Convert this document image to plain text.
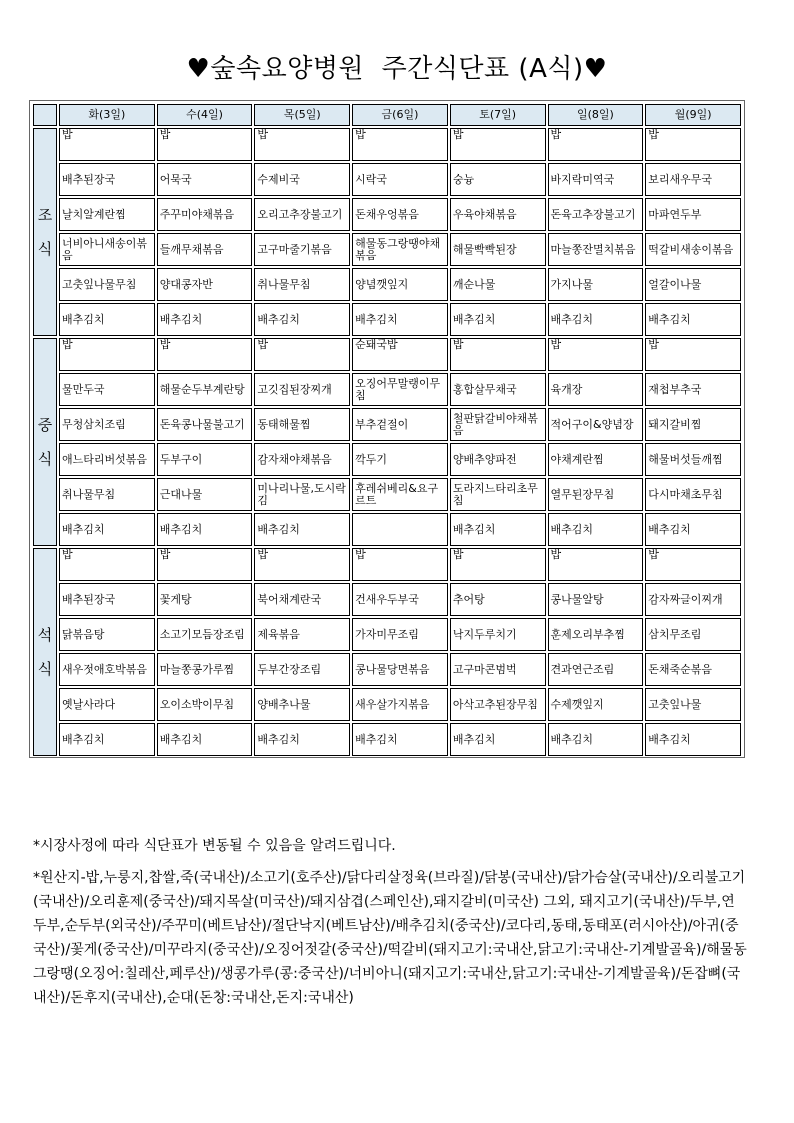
♥숲속요양병원  주간식단표 (A식)♥
	화(3일)	수(4일)	목(5일)	금(6일)	토(7일)	일(8일)	월(9일)
조식	밥	밥	밥	밥	밥	밥	밥
	배추된장국	어묵국	수제비국	시락국	숭늉	바지락미역국	보리새우무국
	날치알계란찜	주꾸미야채볶음	오리고추장불고기	돈채우엉볶음	우육야채볶음	돈육고추장불고기	마파연두부
	너비아니새송이볶음	들깨무채볶음	고구마줄기볶음	해물동그랑땡야채볶음	해물빡빡된장	마늘쫑잔멸치볶음	떡갈비새송이볶음
	고춧잎나물무침	양대콩자반	취나물무침	양념깻잎지	깨순나물	가지나물	얼갈이나물
	배추김치	배추김치	배추김치	배추김치	배추김치	배추김치	배추김치
중식	밥	밥	밥	순돼국밥	밥	밥	밥
	물만두국	해물순두부계란탕	고깃집된장찌개	오징어무말랭이무침	홍합살무채국	육개장	재첩부추국
	무청삼치조림	돈육콩나물불고기	동태해물찜	부추겉절이	철판닭갈비야채볶음	적어구이&양념장	돼지갈비찜
	애느타리버섯볶음	두부구이	감자채야채볶음	깍두기	양배추양파전	야채계란찜	해물버섯들깨찜
	취나물무침	근대나물	미나리나물,도시락김	후레쉬베리&요구르트	도라지느타리초무침	열무된장무침	다시마채초무침
	배추김치	배추김치	배추김치		배추김치	배추김치	배추김치
석식	밥	밥	밥	밥	밥	밥	밥
	배추된장국	꽃게탕	북어채계란국	건새우두부국	추어탕	콩나물알탕	감자짜글이찌개
	닭볶음탕	소고기모듬장조림	제육볶음	가자미무조림	낙지두루치기	훈제오리부추찜	삼치무조림
	새우젓애호박볶음	마늘쫑콩가루찜	두부간장조림	콩나물당면볶음	고구마콘범벅	견과연근조림	돈채죽순볶음
	옛날사라다	오이소박이무침	양배추나물	새우살가지볶음	아삭고추된장무침	수제깻잎지	고춧잎나물
	배추김치	배추김치	배추김치	배추김치	배추김치	배추김치	배추김치

*시장사정에 따라 식단표가 변동될 수 있음을 알려드립니다.

*원산지-밥,누룽지,찹쌀,죽(국내산)/소고기(호주산)/닭다리살정육(브라질)/닭봉(국내산)/닭가슴살(국내산)/오리불고기(국내산)/오리훈제(중국산)/돼지목살(미국산)/돼지삼겹(스페인산),돼지갈비(미국산) 그외, 돼지고기(국내산)/두부,연두부,순두부(외국산)/주꾸미(베트남산)/절단낙지(베트남산)/배추김치(중국산)/코다리,동태,동태포(러시아산)/아귀(중국산)/꽃게(중국산)/미꾸라지(중국산)/오징어젓갈(중국산)/떡갈비(돼지고기:국내산,닭고기:국내산-기계발골육)/해물동그랑땡(오징어:칠레산,페루산)/생콩가루(콩:중국산)/너비아니(돼지고기:국내산,닭고기:국내산-기계발골육)/돈잡뼈(국내산)/돈후지(국내산),순대(돈창:국내산,돈지:국내산)
